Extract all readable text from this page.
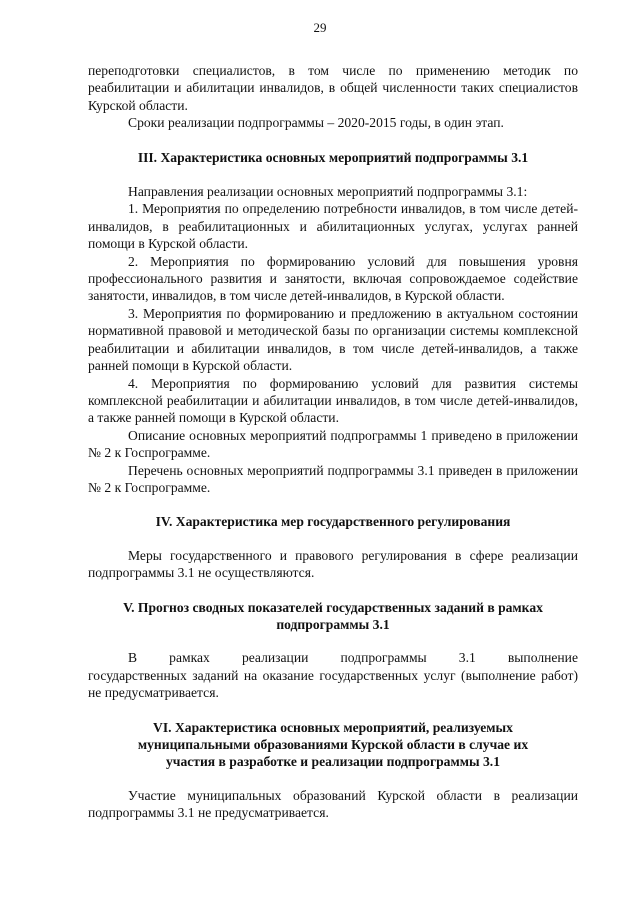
29

переподготовки специалистов, в том числе по применению методик по реабилитации и абилитации инвалидов, в общей численности таких специалистов Курской области.

Сроки реализации подпрограммы – 2020-2015 годы, в один этап.

III. Характеристика основных мероприятий подпрограммы 3.1

Направления реализации основных мероприятий подпрограммы 3.1:

1. Мероприятия по определению потребности инвалидов, в том числе детей-инвалидов, в реабилитационных и абилитационных услугах, услугах ранней помощи в Курской области.

2. Мероприятия по формированию условий для повышения уровня профессионального развития и занятости, включая сопровождаемое содействие занятости, инвалидов, в том числе детей-инвалидов, в Курской области.

3. Мероприятия по формированию и предложению в актуальном состоянии нормативной правовой и методической базы по организации системы комплексной реабилитации и абилитации инвалидов, в том числе детей-инвалидов, а также ранней помощи в Курской области.

4. Мероприятия по формированию условий для развития системы комплексной реабилитации и абилитации инвалидов, в том числе детей-инвалидов, а также ранней помощи в Курской области.

Описание основных мероприятий подпрограммы 1 приведено в приложении № 2 к Госпрограмме.

Перечень основных мероприятий подпрограммы 3.1 приведен в приложении № 2 к Госпрограмме.

IV. Характеристика мер государственного регулирования

Меры государственного и правового регулирования в сфере реализации подпрограммы 3.1 не осуществляются.

V. Прогноз сводных показателей государственных заданий в рамках
подпрограммы 3.1
В рамках реализации подпрограммы 3.1 выполнение

государственных заданий на оказание государственных услуг (выполнение работ) не предусматривается.

VI. Характеристика основных мероприятий, реализуемых
муниципальными образованиями Курской области в случае их
участия в разработке и реализации подпрограммы 3.1

Участие муниципальных образований Курской области в реализации подпрограммы 3.1 не предусматривается.
